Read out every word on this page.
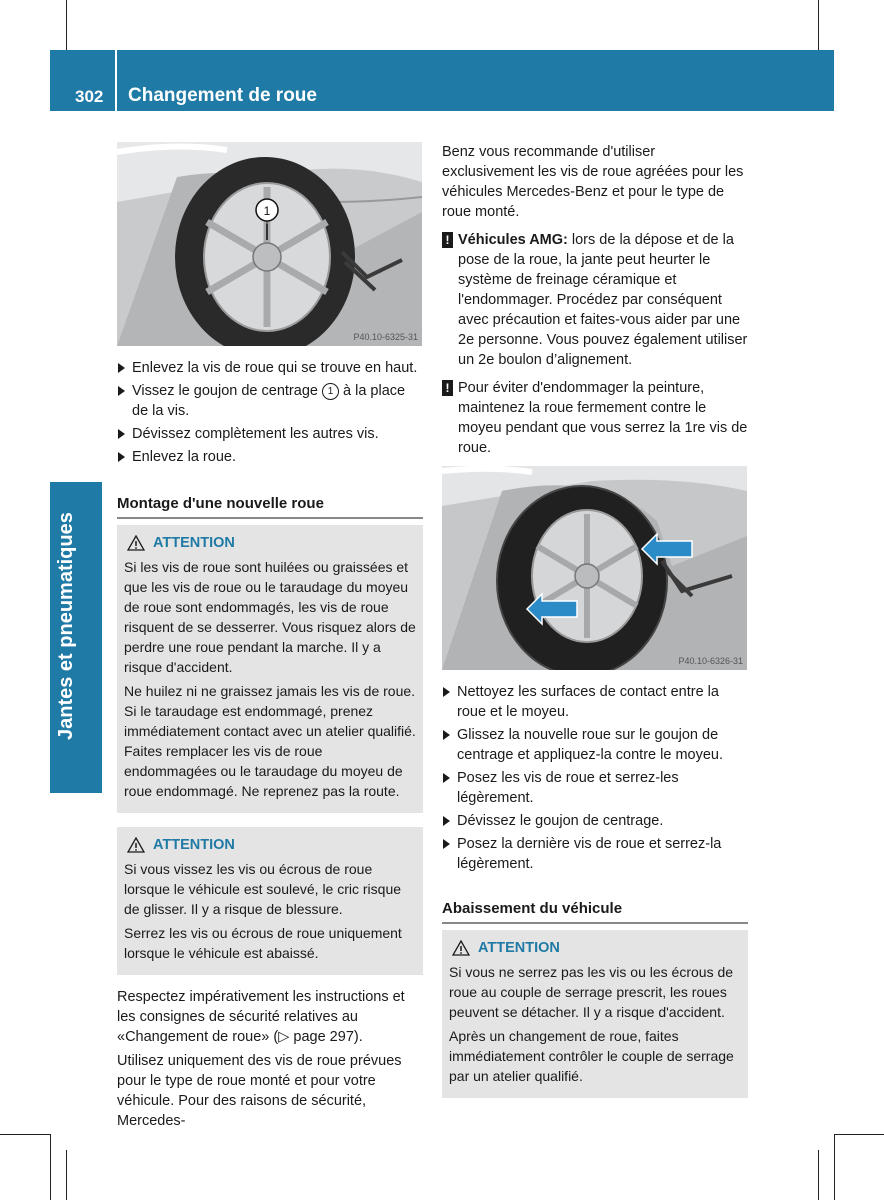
302 Changement de roue
Jantes et pneumatiques
1
P40.10-6325-31
Enlevez la vis de roue qui se trouve en haut.
Vissez le goujon de centrage 1 à la place de la vis.
Dévissez complètement les autres vis.
Enlevez la roue.
Montage d'une nouvelle roue
ATTENTION

Si les vis de roue sont huilées ou graissées et que les vis de roue ou le taraudage du moyeu de roue sont endommagés, les vis de roue risquent de se desserrer. Vous risquez alors de perdre une roue pendant la marche. Il y a risque d'accident.

Ne huilez ni ne graissez jamais les vis de roue. Si le taraudage est endommagé, prenez immédiatement contact avec un atelier qualifié. Faites remplacer les vis de roue endommagées ou le taraudage du moyeu de roue endommagé. Ne reprenez pas la route.

ATTENTION

Si vous vissez les vis ou écrous de roue lorsque le véhicule est soulevé, le cric risque de glisser. Il y a risque de blessure.

Serrez les vis ou écrous de roue uniquement lorsque le véhicule est abaissé.

Respectez impérativement les instructions et les consignes de sécurité relatives au «Changement de roue» (▷ page 297).

Utilisez uniquement des vis de roue prévues pour le type de roue monté et pour votre véhicule. Pour des raisons de sécurité, Mercedes-

Benz vous recommande d'utiliser exclusivement les vis de roue agréées pour les véhicules Mercedes-Benz et pour le type de roue monté.

! Véhicules AMG: lors de la dépose et de la pose de la roue, la jante peut heurter le système de freinage céramique et l'endommager. Procédez par conséquent avec précaution et faites-vous aider par une 2e personne. Vous pouvez également utiliser un 2e boulon d’alignement.
! Pour éviter d'endommager la peinture, maintenez la roue fermement contre le moyeu pendant que vous serrez la 1re vis de roue.
P40.10-6326-31
Nettoyez les surfaces de contact entre la roue et le moyeu.
Glissez la nouvelle roue sur le goujon de centrage et appliquez-la contre le moyeu.
Posez les vis de roue et serrez-les légèrement.
Dévissez le goujon de centrage.
Posez la dernière vis de roue et serrez-la légèrement.
Abaissement du véhicule
ATTENTION

Si vous ne serrez pas les vis ou les écrous de roue au couple de serrage prescrit, les roues peuvent se détacher. Il y a risque d'accident.

Après un changement de roue, faites immédiatement contrôler le couple de serrage par un atelier qualifié.
